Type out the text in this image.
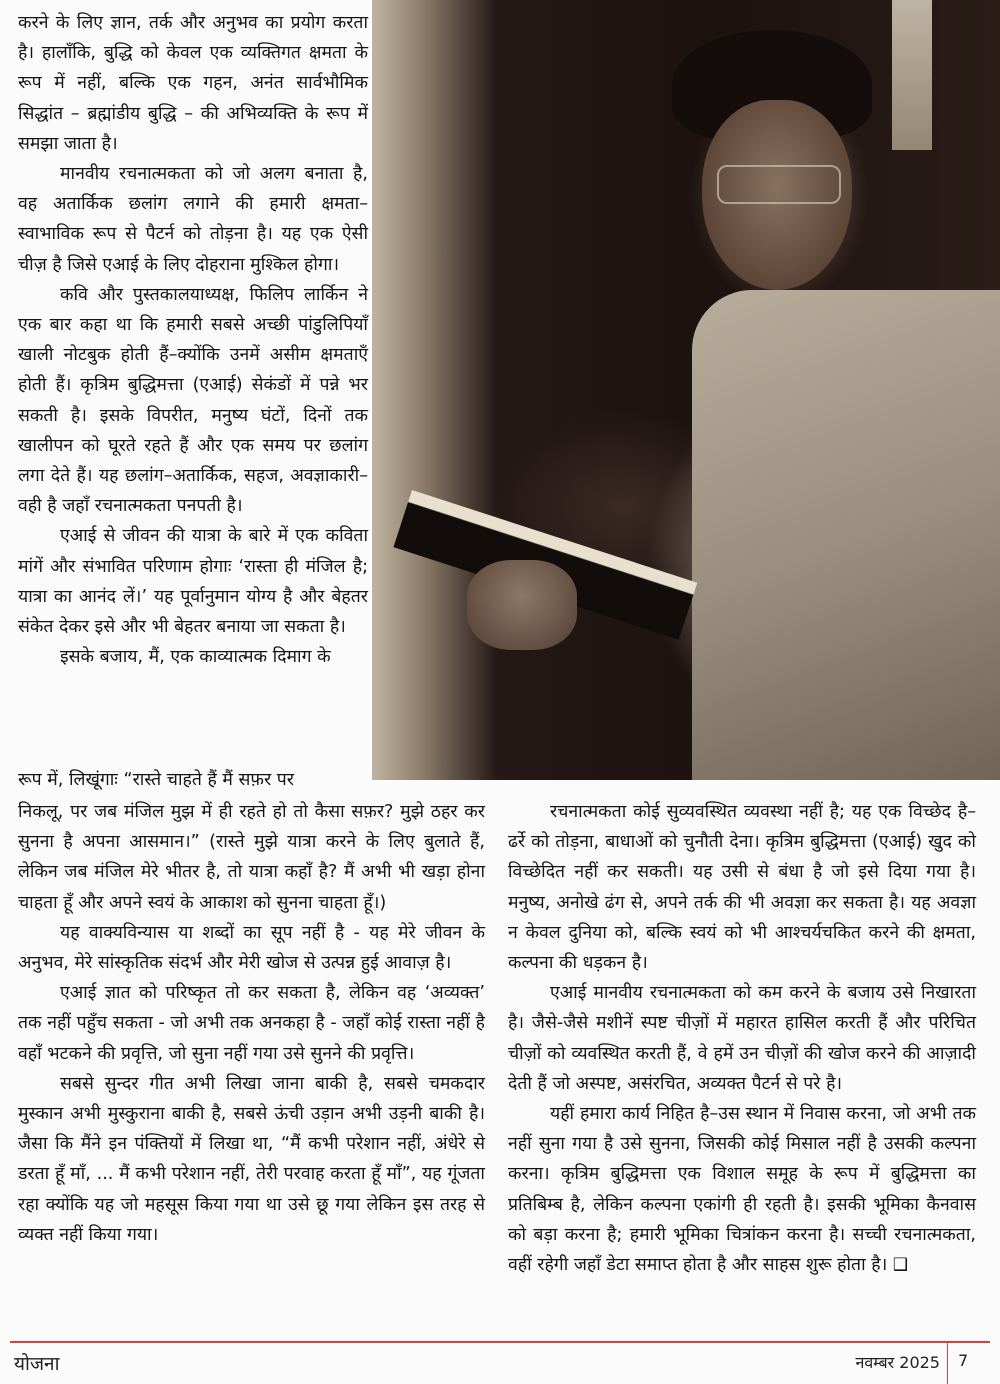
करने के लिए ज्ञान, तर्क और अनुभव का प्रयोग करता है। हालाँकि, बुद्धि को केवल एक व्यक्तिगत क्षमता के रूप में नहीं, बल्कि एक गहन, अनंत सार्वभौमिक सिद्धांत – ब्रह्मांडीय बुद्धि – की अभिव्यक्ति के रूप में समझा जाता है।

मानवीय रचनात्मकता को जो अलग बनाता है, वह अतार्किक छलांग लगाने की हमारी क्षमता–स्वाभाविक रूप से पैटर्न को तोड़ना है। यह एक ऐसी चीज़ है जिसे एआई के लिए दोहराना मुश्किल होगा।

कवि और पुस्तकालयाध्यक्ष, फिलिप लार्किन ने एक बार कहा था कि हमारी सबसे अच्छी पांडुलिपियाँ खाली नोटबुक होती हैं–क्योंकि उनमें असीम क्षमताएँ होती हैं। कृत्रिम बुद्धिमत्ता (एआई) सेकंडों में पन्ने भर सकती है। इसके विपरीत, मनुष्य घंटों, दिनों तक खालीपन को घूरते रहते हैं और एक समय पर छलांग लगा देते हैं। यह छलांग–अतार्किक, सहज, अवज्ञाकारी– वही है जहाँ रचनात्मकता पनपती है।

एआई से जीवन की यात्रा के बारे में एक कविता मांगें और संभावित परिणाम होगाः ‘रास्ता ही मंजिल है; यात्रा का आनंद लें।’ यह पूर्वानुमान योग्य है और बेहतर संकेत देकर इसे और भी बेहतर बनाया जा सकता है।

इसके बजाय, मैं, एक काव्यात्मक दिमाग के

रूप में, लिखूंगाः “रास्ते चाहते हैं मैं सफ़र पर

निकलू, पर जब मंजिल मुझ में ही रहते हो तो कैसा सफ़र? मुझे ठहर कर सुनना है अपना आसमान।” (रास्ते मुझे यात्रा करने के लिए बुलाते हैं, लेकिन जब मंजिल मेरे भीतर है, तो यात्रा कहाँ है? मैं अभी भी खड़ा होना चाहता हूँ और अपने स्वयं के आकाश को सुनना चाहता हूँ।)

यह वाक्यविन्यास या शब्दों का सूप नहीं है - यह मेरे जीवन के अनुभव, मेरे सांस्कृतिक संदर्भ और मेरी खोज से उत्पन्न हुई आवाज़ है।

एआई ज्ञात को परिष्कृत तो कर सकता है, लेकिन वह ‘अव्यक्त’ तक नहीं पहुँच सकता - जो अभी तक अनकहा है - जहाँ कोई रास्ता नहीं है वहाँ भटकने की प्रवृत्ति, जो सुना नहीं गया उसे सुनने की प्रवृत्ति।

सबसे सुन्दर गीत अभी लिखा जाना बाकी है, सबसे चमकदार मुस्कान अभी मुस्कुराना बाकी है, सबसे ऊंची उड़ान अभी उड़नी बाकी है। जैसा कि मैंने इन पंक्तियों में लिखा था, “मैं कभी परेशान नहीं, अंधेरे से डरता हूँ माँ, ... मैं कभी परेशान नहीं, तेरी परवाह करता हूँ माँ”, यह गूंजता रहा क्योंकि यह जो महसूस किया गया था उसे छू गया लेकिन इस तरह से व्यक्त नहीं किया गया।

रचनात्मकता कोई सुव्यवस्थित व्यवस्था नहीं है; यह एक विच्छेद है–ढर्रे को तोड़ना, बाधाओं को चुनौती देना। कृत्रिम बुद्धिमत्ता (एआई) खुद को विच्छेदित नहीं कर सकती। यह उसी से बंधा है जो इसे दिया गया है। मनुष्य, अनोखे ढंग से, अपने तर्क की भी अवज्ञा कर सकता है। यह अवज्ञा न केवल दुनिया को, बल्कि स्वयं को भी आश्चर्यचकित करने की क्षमता, कल्पना की धड़कन है।

एआई मानवीय रचनात्मकता को कम करने के बजाय उसे निखारता है। जैसे-जैसे मशीनें स्पष्ट चीज़ों में महारत हासिल करती हैं और परिचित चीज़ों को व्यवस्थित करती हैं, वे हमें उन चीज़ों की खोज करने की आज़ादी देती हैं जो अस्पष्ट, असंरचित, अव्यक्त पैटर्न से परे है।

यहीं हमारा कार्य निहित है–उस स्थान में निवास करना, जो अभी तक नहीं सुना गया है उसे सुनना, जिसकी कोई मिसाल नहीं है उसकी कल्पना करना। कृत्रिम बुद्धिमत्ता एक विशाल समूह के रूप में बुद्धिमत्ता का प्रतिबिम्ब है, लेकिन कल्पना एकांगी ही रहती है। इसकी भूमिका कैनवास को बड़ा करना है; हमारी भूमिका चित्रांकन करना है। सच्ची रचनात्मकता, वहीं रहेगी जहाँ डेटा समाप्त होता है और साहस शुरू होता है। ❑

योजना	नवम्बर 2025 7
